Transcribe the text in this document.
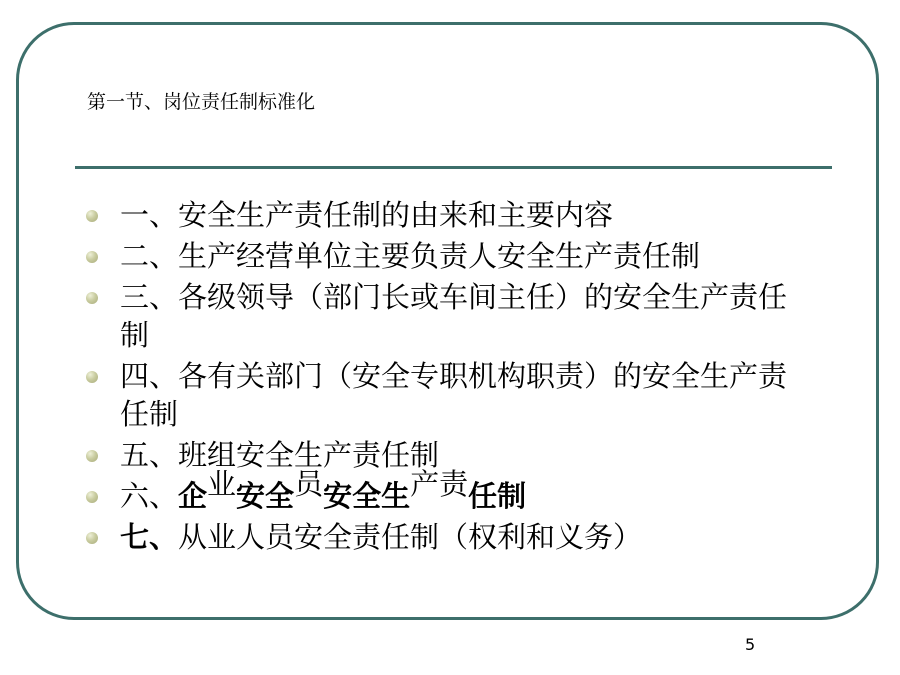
第一节、岗位责任制标准化
一、安全生产责任制的由来和主要内容
二、生产经营单位主要负责人安全生产责任制
三、各级领导（部门长或车间主任）的安全生产责任制
四、各有关部门（安全专职机构职责）的安全生产责任制
五、班组安全生产责任制
六、企业安全员安全生产责任制
七、从业人员安全责任制（权利和义务）
5
